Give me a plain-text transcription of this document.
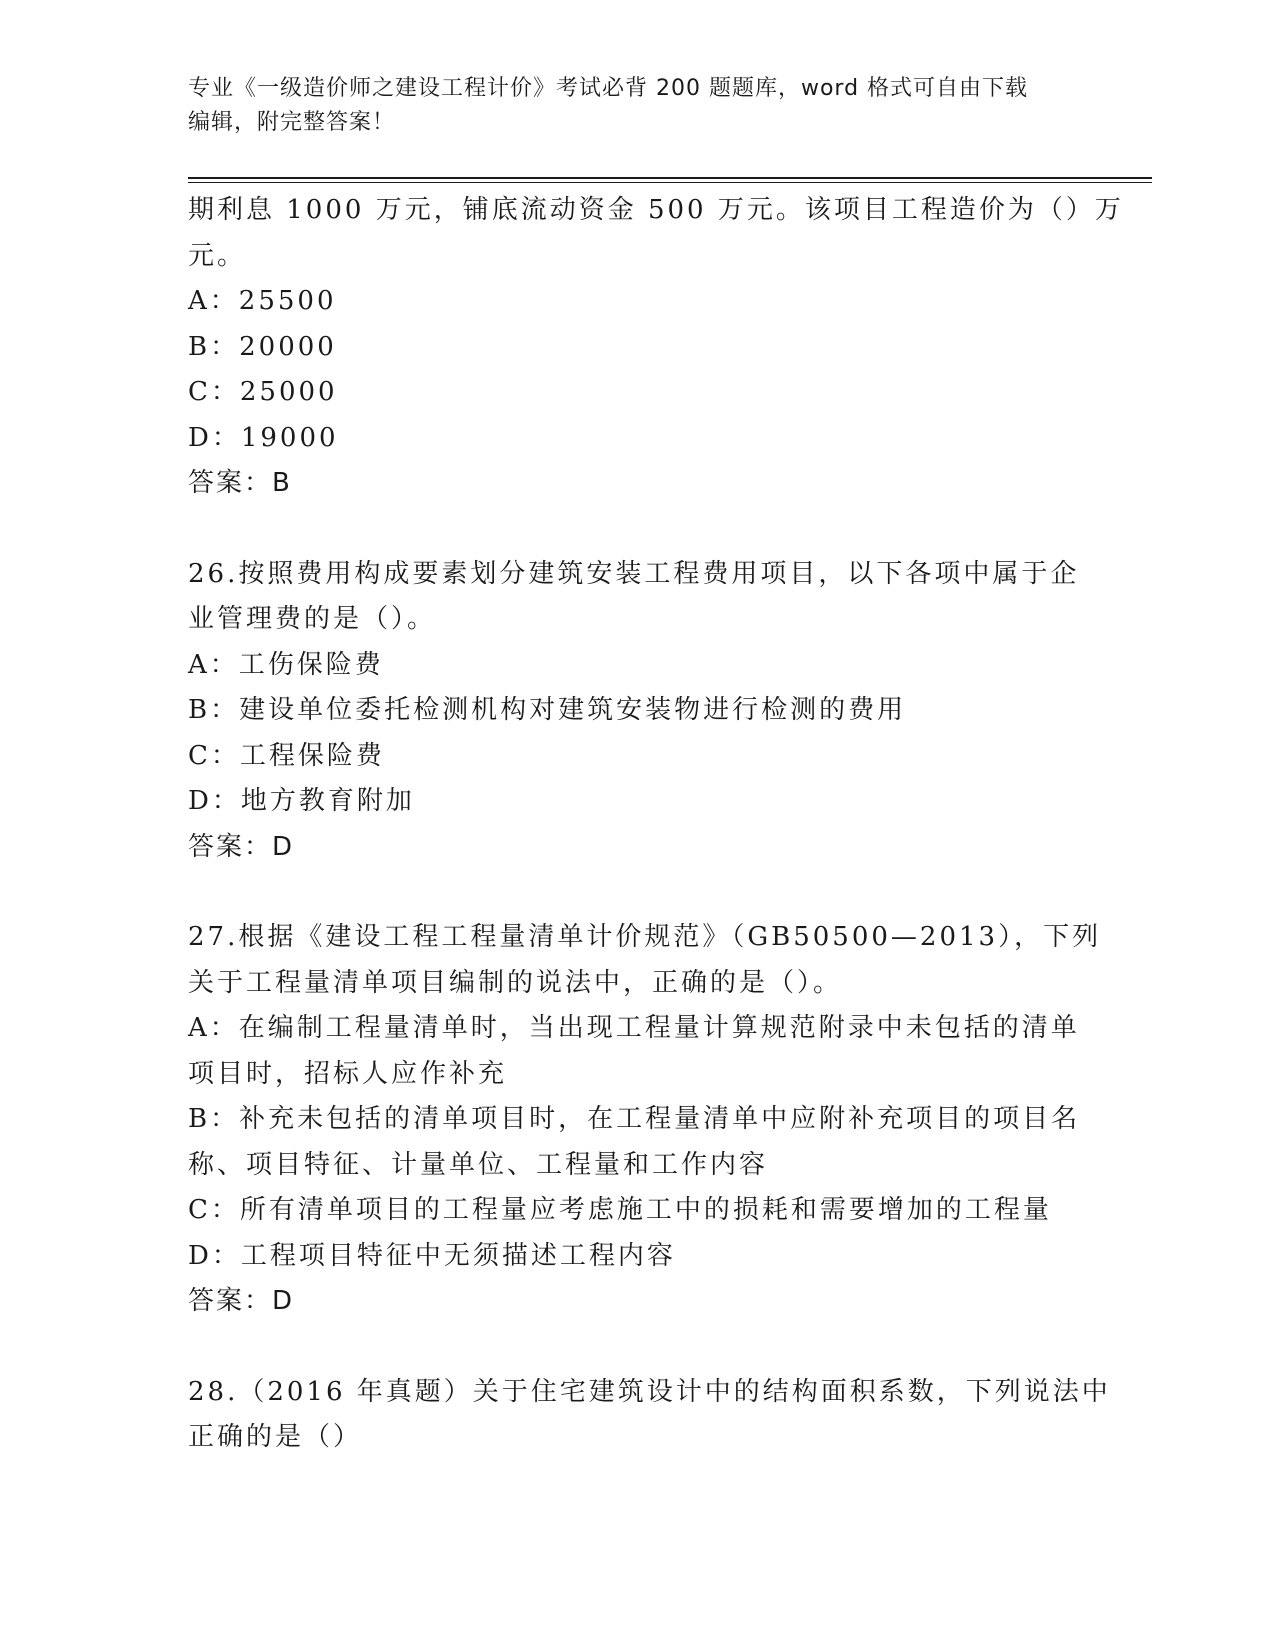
专业《一级造价师之建设工程计价》考试必背 200 题题库，word 格式可自由下载
编辑，附完整答案！
期利息 1000 万元，铺底流动资金 500 万元。该项目工程造价为（）万
元。
A：25500
B：20000
C：25000
D：19000
答案：B
26.按照费用构成要素划分建筑安装工程费用项目，以下各项中属于企
业管理费的是（）。
A：工伤保险费
B：建设单位委托检测机构对建筑安装物进行检测的费用
C：工程保险费
D：地方教育附加
答案：D
27.根据《建设工程工程量清单计价规范》（GB50500—2013），下列
关于工程量清单项目编制的说法中，正确的是（）。
A：在编制工程量清单时，当出现工程量计算规范附录中未包括的清单
项目时，招标人应作补充
B：补充未包括的清单项目时，在工程量清单中应附补充项目的项目名
称、项目特征、计量单位、工程量和工作内容
C：所有清单项目的工程量应考虑施工中的损耗和需要增加的工程量
D：工程项目特征中无须描述工程内容
答案：D
28.（2016 年真题）关于住宅建筑设计中的结构面积系数，下列说法中
正确的是（）
